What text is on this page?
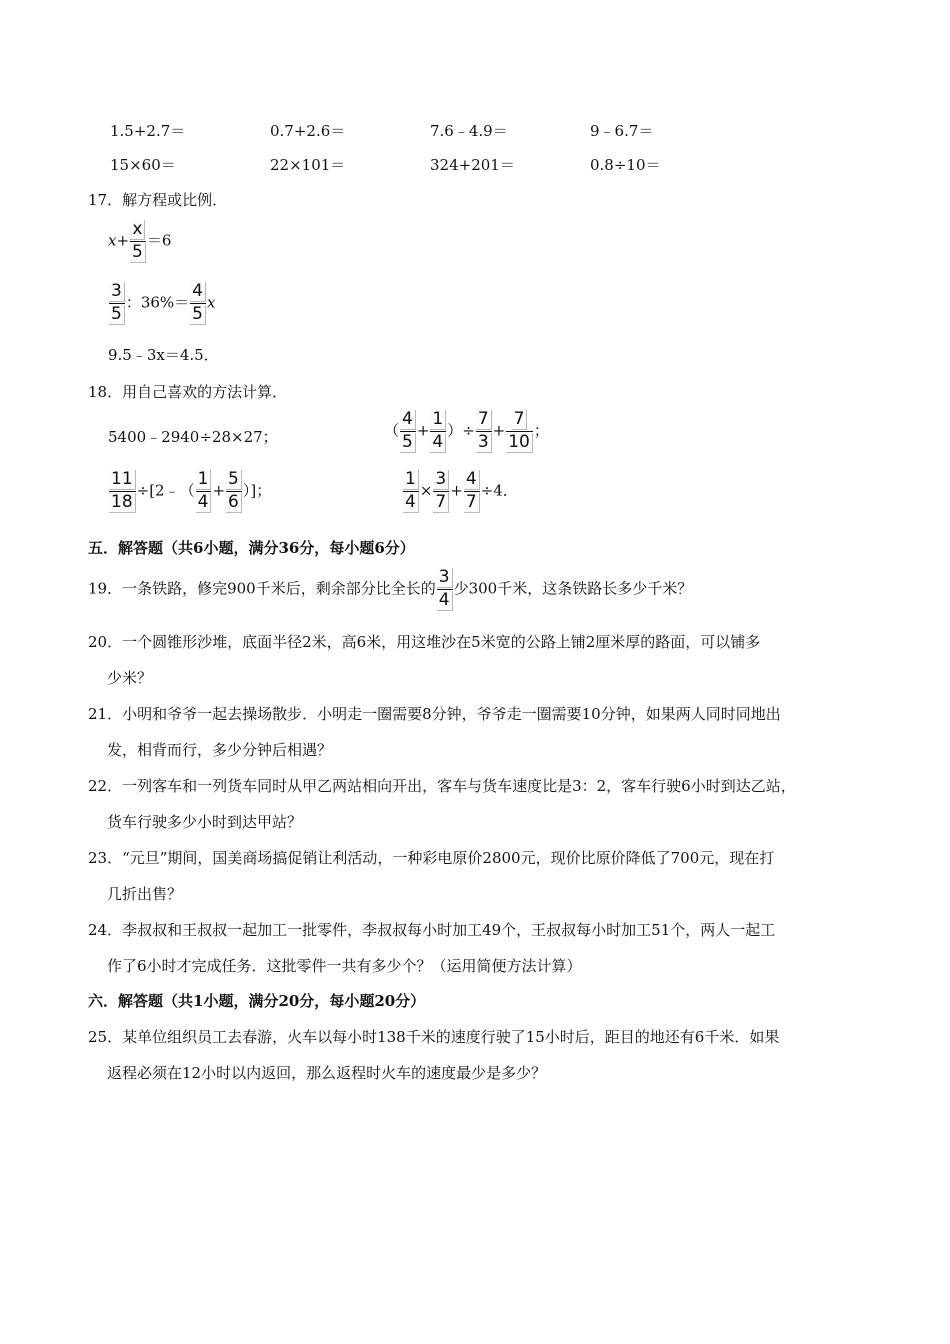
1.5+2.7＝	0.7+2.6＝	7.6﹣4.9＝	9﹣6.7＝
15×60＝	22×101＝	324+201＝	0.8÷10＝
17．解方程或比例．
$x+ \frac{x}{5} =6$
$\frac{3}{5}$ ：$36\%= \frac{4}{5}$ x
9.5﹣3x＝4.5．
18．用自己喜欢的方法计算．
5400﹣2940÷28×27；	（ $\frac{4}{5} + \frac{1}{4}$ ）÷ $\frac{7}{3} + \frac{7}{10}$ ；
$\frac{11}{18}$ ÷[2﹣（ $\frac{1}{4} + \frac{5}{6}$ ）]；	$\frac{1}{4} \times \frac{3}{7} + \frac{4}{7} \div 4$．
五．解答题（共6小题，满分36分，每小题6分）
19．一条铁路，修完900千米后，剩余部分比全长的 $\frac{3}{4}$ 少300千米，这条铁路长多少千米？
20．一个圆锥形沙堆，底面半径2米，高6米，用这堆沙在5米宽的公路上铺2厘米厚的路面，可以铺多
少米？
21．小明和爷爷一起去操场散步．小明走一圈需要8分钟，爷爷走一圈需要10分钟，如果两人同时同地出
发，相背而行，多少分钟后相遇？
22．一列客车和一列货车同时从甲乙两站相向开出，客车与货车速度比是3：2，客车行驶6小时到达乙站，
货车行驶多少小时到达甲站？
23．“元旦”期间，国美商场搞促销让利活动，一种彩电原价2800元，现价比原价降低了700元，现在打
几折出售？
24．李叔叔和王叔叔一起加工一批零件，李叔叔每小时加工49个，王叔叔每小时加工51个，两人一起工
作了6小时才完成任务．这批零件一共有多少个？（运用简便方法计算）
六．解答题（共1小题，满分20分，每小题20分）
25．某单位组织员工去春游，火车以每小时138千米的速度行驶了15小时后，距目的地还有6千米．如果
返程必须在12小时以内返回，那么返程时火车的速度最少是多少？
